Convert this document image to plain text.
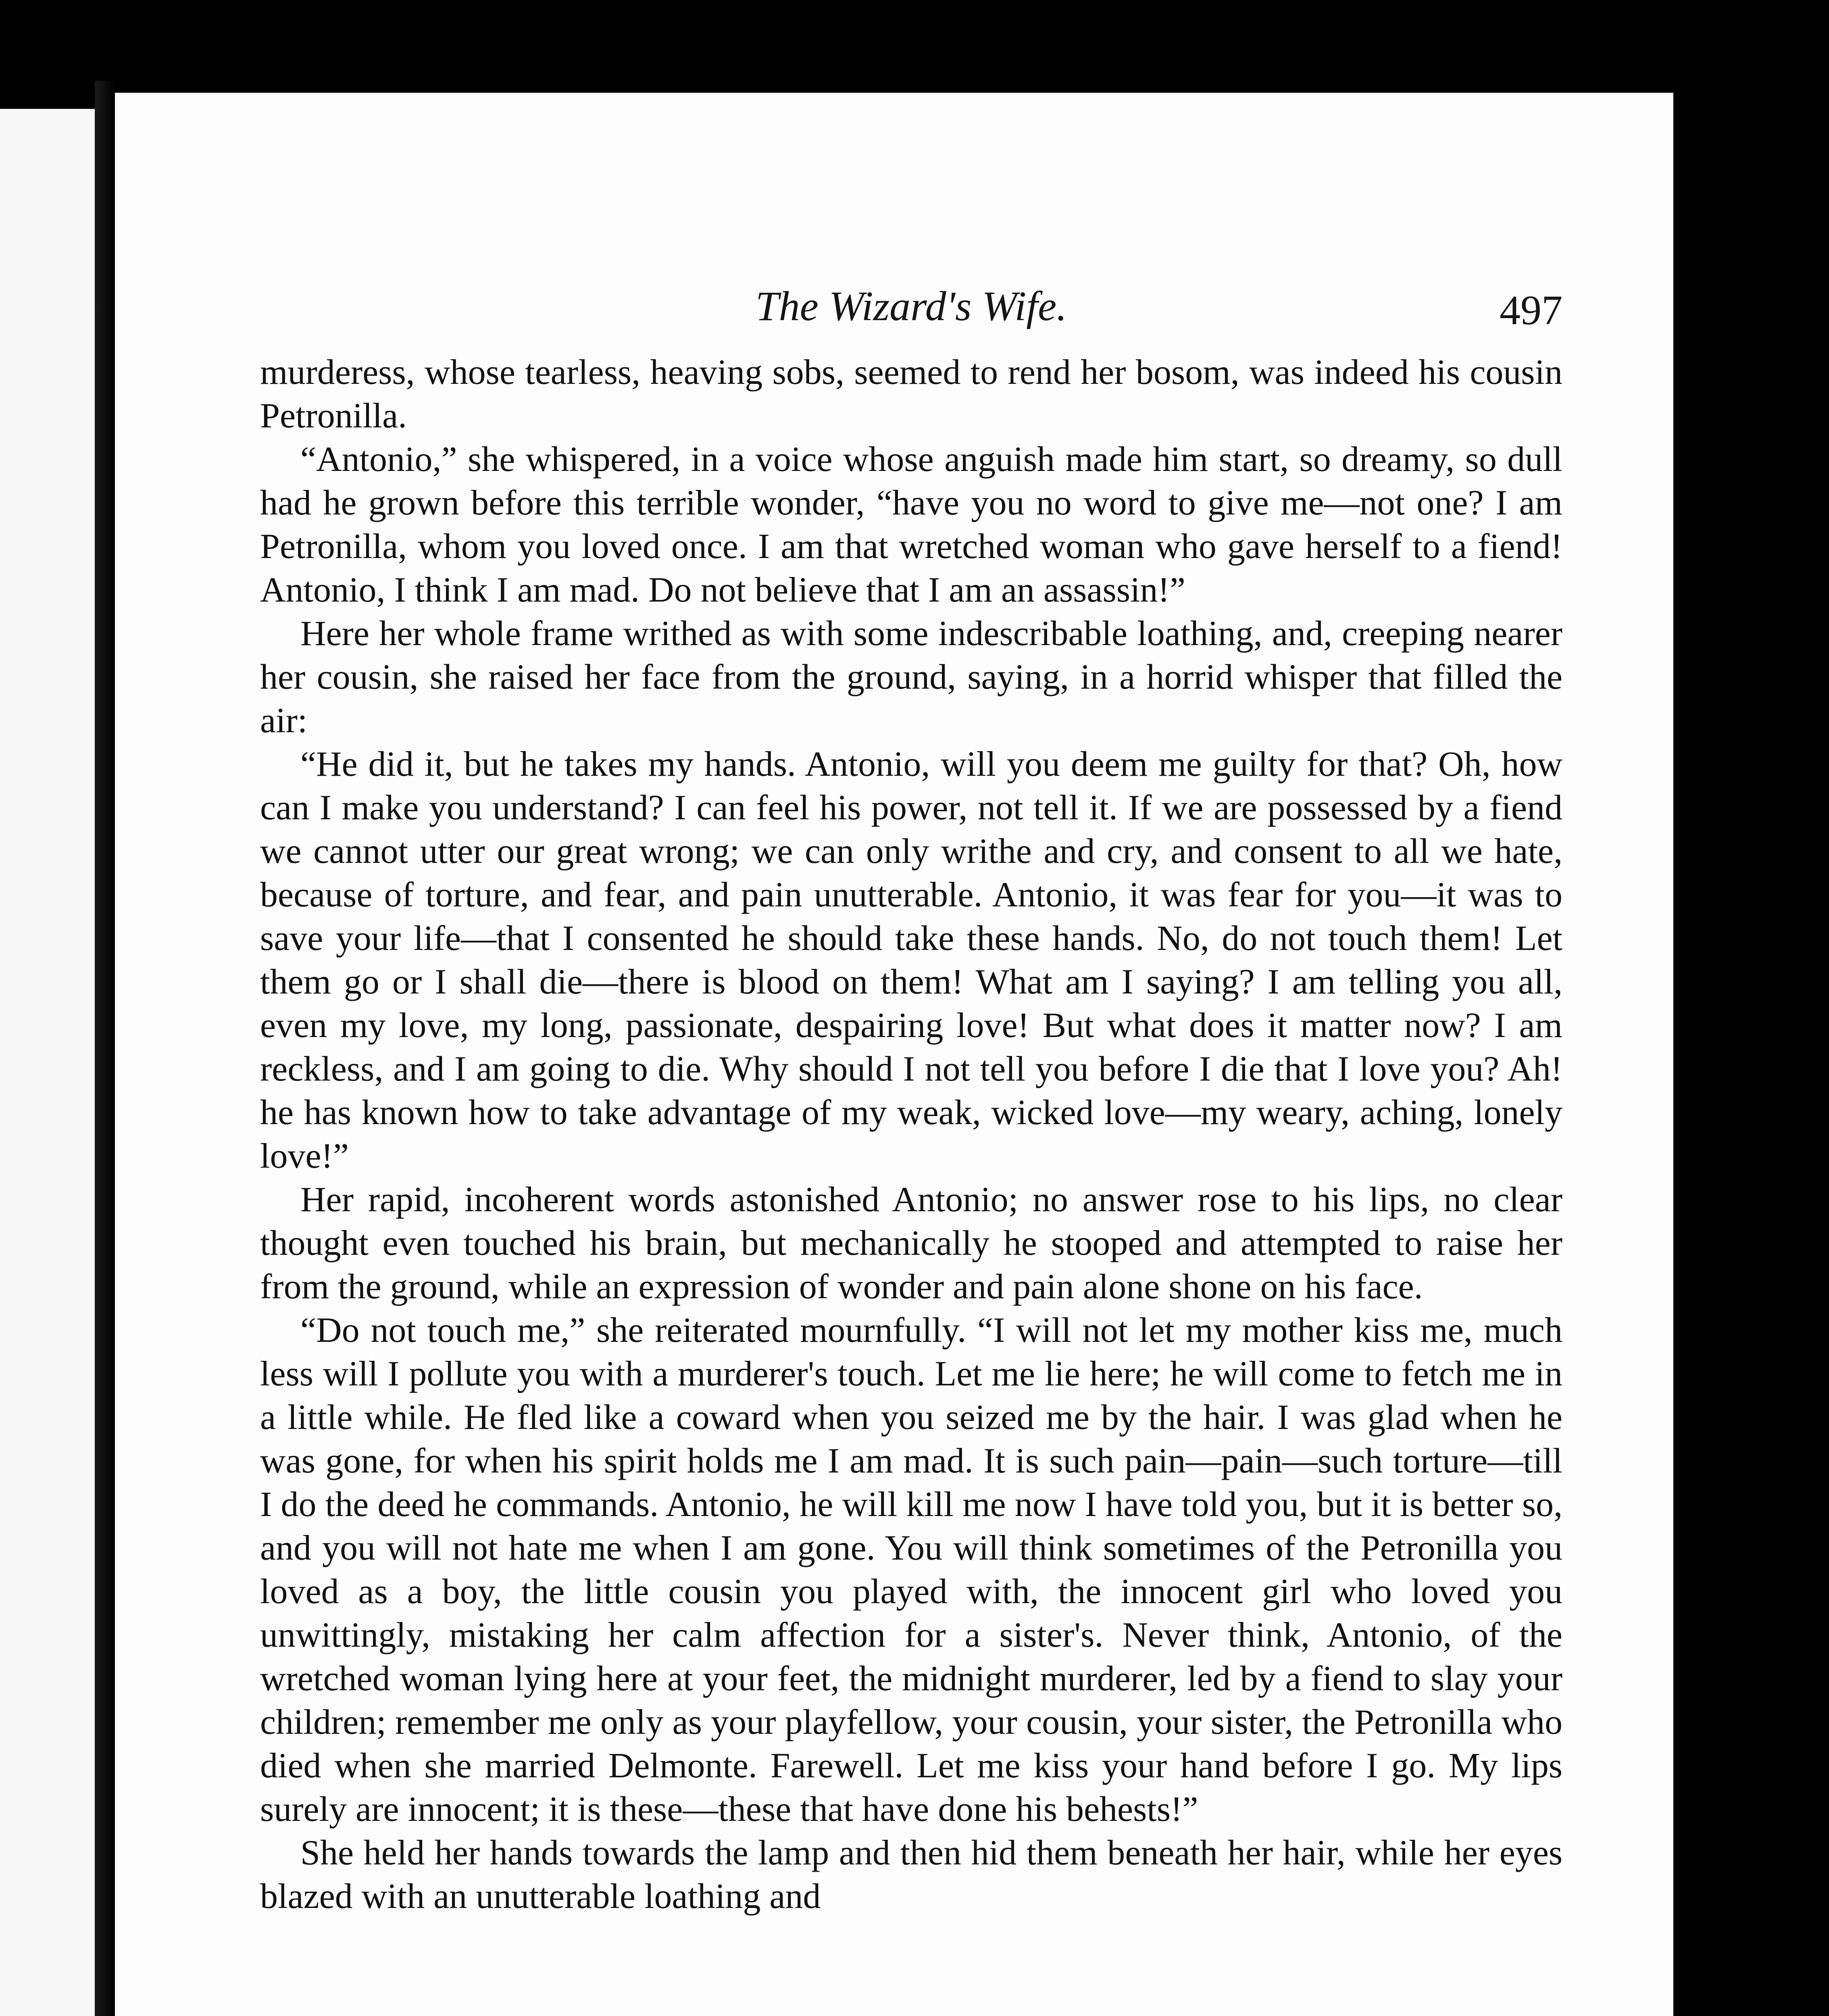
The Wizard's Wife.	497

murderess, whose tearless, heaving sobs, seemed to rend her bosom, was indeed his cousin Petronilla.

“Antonio,” she whispered, in a voice whose anguish made him start, so dreamy, so dull had he grown before this terrible wonder, “have you no word to give me—not one? I am Petronilla, whom you loved once. I am that wretched woman who gave herself to a fiend! Antonio, I think I am mad. Do not believe that I am an assassin!”

Here her whole frame writhed as with some indescribable loathing, and, creeping nearer her cousin, she raised her face from the ground, saying, in a horrid whisper that filled the air:

“He did it, but he takes my hands. Antonio, will you deem me guilty for that? Oh, how can I make you understand? I can feel his power, not tell it. If we are possessed by a fiend we cannot utter our great wrong; we can only writhe and cry, and consent to all we hate, because of torture, and fear, and pain unutterable. Antonio, it was fear for you—it was to save your life—that I consented he should take these hands. No, do not touch them! Let them go or I shall die—there is blood on them! What am I saying? I am telling you all, even my love, my long, passionate, despairing love! But what does it matter now? I am reckless, and I am going to die. Why should I not tell you before I die that I love you? Ah! he has known how to take advantage of my weak, wicked love—my weary, aching, lonely love!”

Her rapid, incoherent words astonished Antonio; no answer rose to his lips, no clear thought even touched his brain, but mechanically he stooped and attempted to raise her from the ground, while an expression of wonder and pain alone shone on his face.

“Do not touch me,” she reiterated mournfully. “I will not let my mother kiss me, much less will I pollute you with a murderer's touch. Let me lie here; he will come to fetch me in a little while. He fled like a coward when you seized me by the hair. I was glad when he was gone, for when his spirit holds me I am mad. It is such pain—pain—such torture—till I do the deed he commands. Antonio, he will kill me now I have told you, but it is better so, and you will not hate me when I am gone. You will think sometimes of the Petronilla you loved as a boy, the little cousin you played with, the innocent girl who loved you unwittingly, mistaking her calm affection for a sister's. Never think, Antonio, of the wretched woman lying here at your feet, the midnight murderer, led by a fiend to slay your children; remember me only as your playfellow, your cousin, your sister, the Petronilla who died when she married Delmonte. Farewell. Let me kiss your hand before I go. My lips surely are innocent; it is these—these that have done his behests!”

She held her hands towards the lamp and then hid them beneath her hair, while her eyes blazed with an unutterable loathing and
